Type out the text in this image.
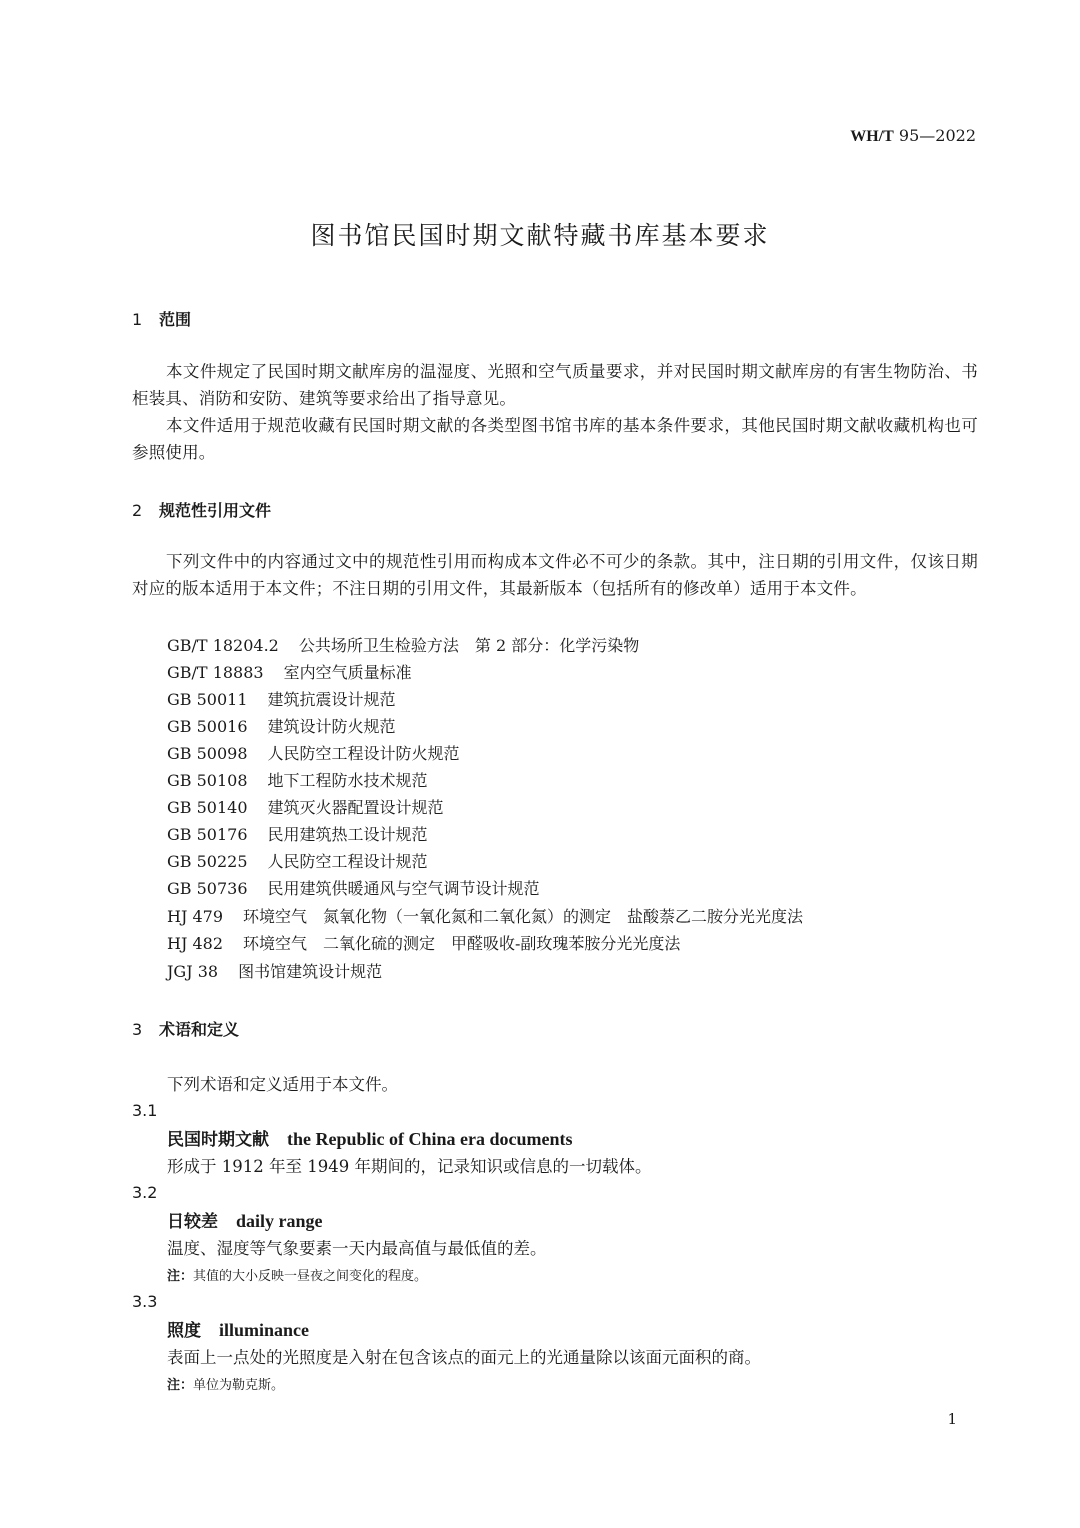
WH/T 95—2022
图书馆民国时期文献特藏书库基本要求
1 范围
本文件规定了民国时期文献库房的温湿度、光照和空气质量要求，并对民国时期文献库房的有害生物防治、书柜装具、消防和安防、建筑等要求给出了指导意见。
本文件适用于规范收藏有民国时期文献的各类型图书馆书库的基本条件要求，其他民国时期文献收藏机构也可参照使用。
2 规范性引用文件
下列文件中的内容通过文中的规范性引用而构成本文件必不可少的条款。其中，注日期的引用文件，仅该日期对应的版本适用于本文件；不注日期的引用文件，其最新版本（包括所有的修改单）适用于本文件。
GB/T 18204.2 公共场所卫生检验方法　第 2 部分：化学污染物
GB/T 18883 室内空气质量标准
GB 50011 建筑抗震设计规范
GB 50016 建筑设计防火规范
GB 50098 人民防空工程设计防火规范
GB 50108 地下工程防水技术规范
GB 50140 建筑灭火器配置设计规范
GB 50176 民用建筑热工设计规范
GB 50225 人民防空工程设计规范
GB 50736 民用建筑供暖通风与空气调节设计规范
HJ 479 环境空气　氮氧化物（一氧化氮和二氧化氮）的测定　盐酸萘乙二胺分光光度法
HJ 482 环境空气　二氧化硫的测定　甲醛吸收-副玫瑰苯胺分光光度法
JGJ 38 图书馆建筑设计规范
3 术语和定义
下列术语和定义适用于本文件。
3.1
民国时期文献 the Republic of China era documents
形成于 1912 年至 1949 年期间的，记录知识或信息的一切载体。
3.2
日较差 daily range
温度、湿度等气象要素一天内最高值与最低值的差。
注：其值的大小反映一昼夜之间变化的程度。
3.3
照度 illuminance
表面上一点处的光照度是入射在包含该点的面元上的光通量除以该面元面积的商。
注：单位为勒克斯。
1
